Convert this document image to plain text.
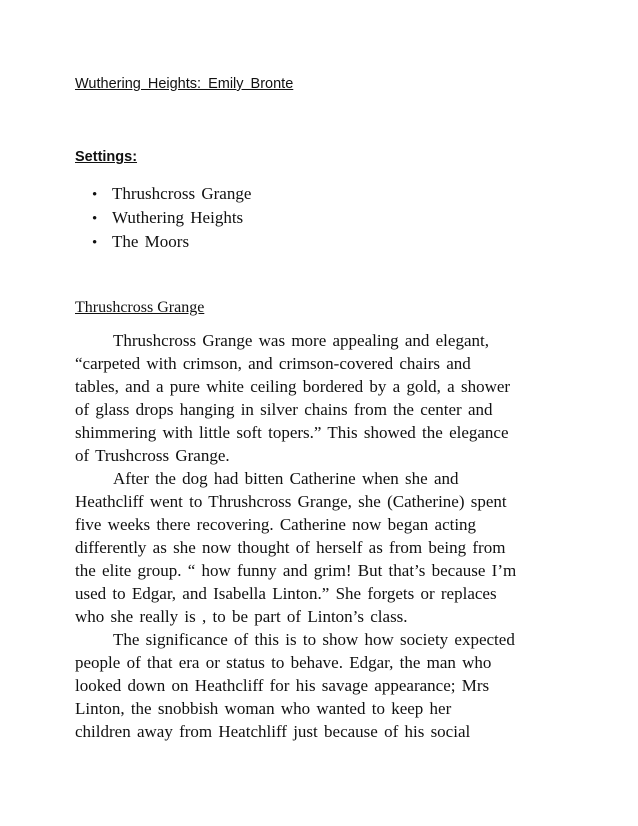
Wuthering Heights: Emily Bronte
Settings:
• Thrushcross Grange
• Wuthering Heights
• The Moors
Thrushcross Grange
Thrushcross Grange was more appealing and elegant,
“carpeted with crimson, and crimson-covered chairs and
tables, and a pure white ceiling bordered by a gold, a shower
of glass drops hanging in silver chains from the center and
shimmering with little soft topers.” This showed the elegance
of Trushcross Grange.
After the dog had bitten Catherine when she and
Heathcliff went to Thrushcross Grange, she (Catherine) spent
five weeks there recovering. Catherine now began acting
differently as she now thought of herself as from being from
the elite group. “ how funny and grim! But that’s because I’m
used to Edgar, and Isabella Linton.” She forgets or replaces
who she really is , to be part of Linton’s class.
The significance of this is to show how society expected
people of that era or status to behave. Edgar, the man who
looked down on Heathcliff for his savage appearance; Mrs
Linton, the snobbish woman who wanted to keep her
children away from Heatchliff just because of his social
